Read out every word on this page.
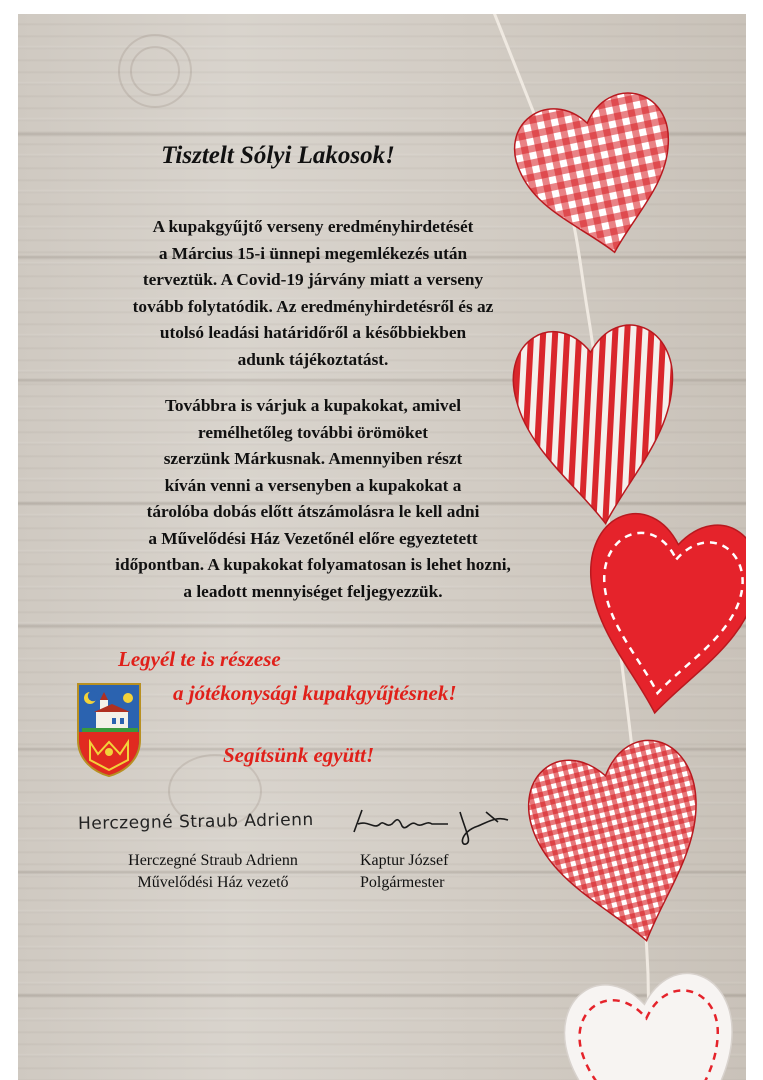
Tisztelt Sólyi Lakosok!
A kupakgyűjtő verseny eredményhirdetését
a Március 15-i ünnepi megemlékezés után
terveztük. A Covid-19 járvány miatt a verseny
tovább folytatódik. Az eredményhirdetésről és az
utolsó leadási határidőről a későbbiekben
adunk tájékoztatást.
Továbbra is várjuk a kupakokat, amivel
remélhetőleg további örömöket
szerzünk Márkusnak. Amennyiben részt
kíván venni a versenyben a kupakokat a
tárolóba dobás előtt átszámolásra le kell adni
a Művelődési Ház Vezetőnél előre egyeztetett
időpontban. A kupakokat folyamatosan is lehet hozni,
a leadott mennyiséget feljegyezzük.
Legyél te is részese
a jótékonysági kupakgyűjtésnek!
Segítsünk együtt!
Herczegné Straub Adrienn
Herczegné Straub Adrienn
Művelődési Ház vezető
Kaptur József
Polgármester
